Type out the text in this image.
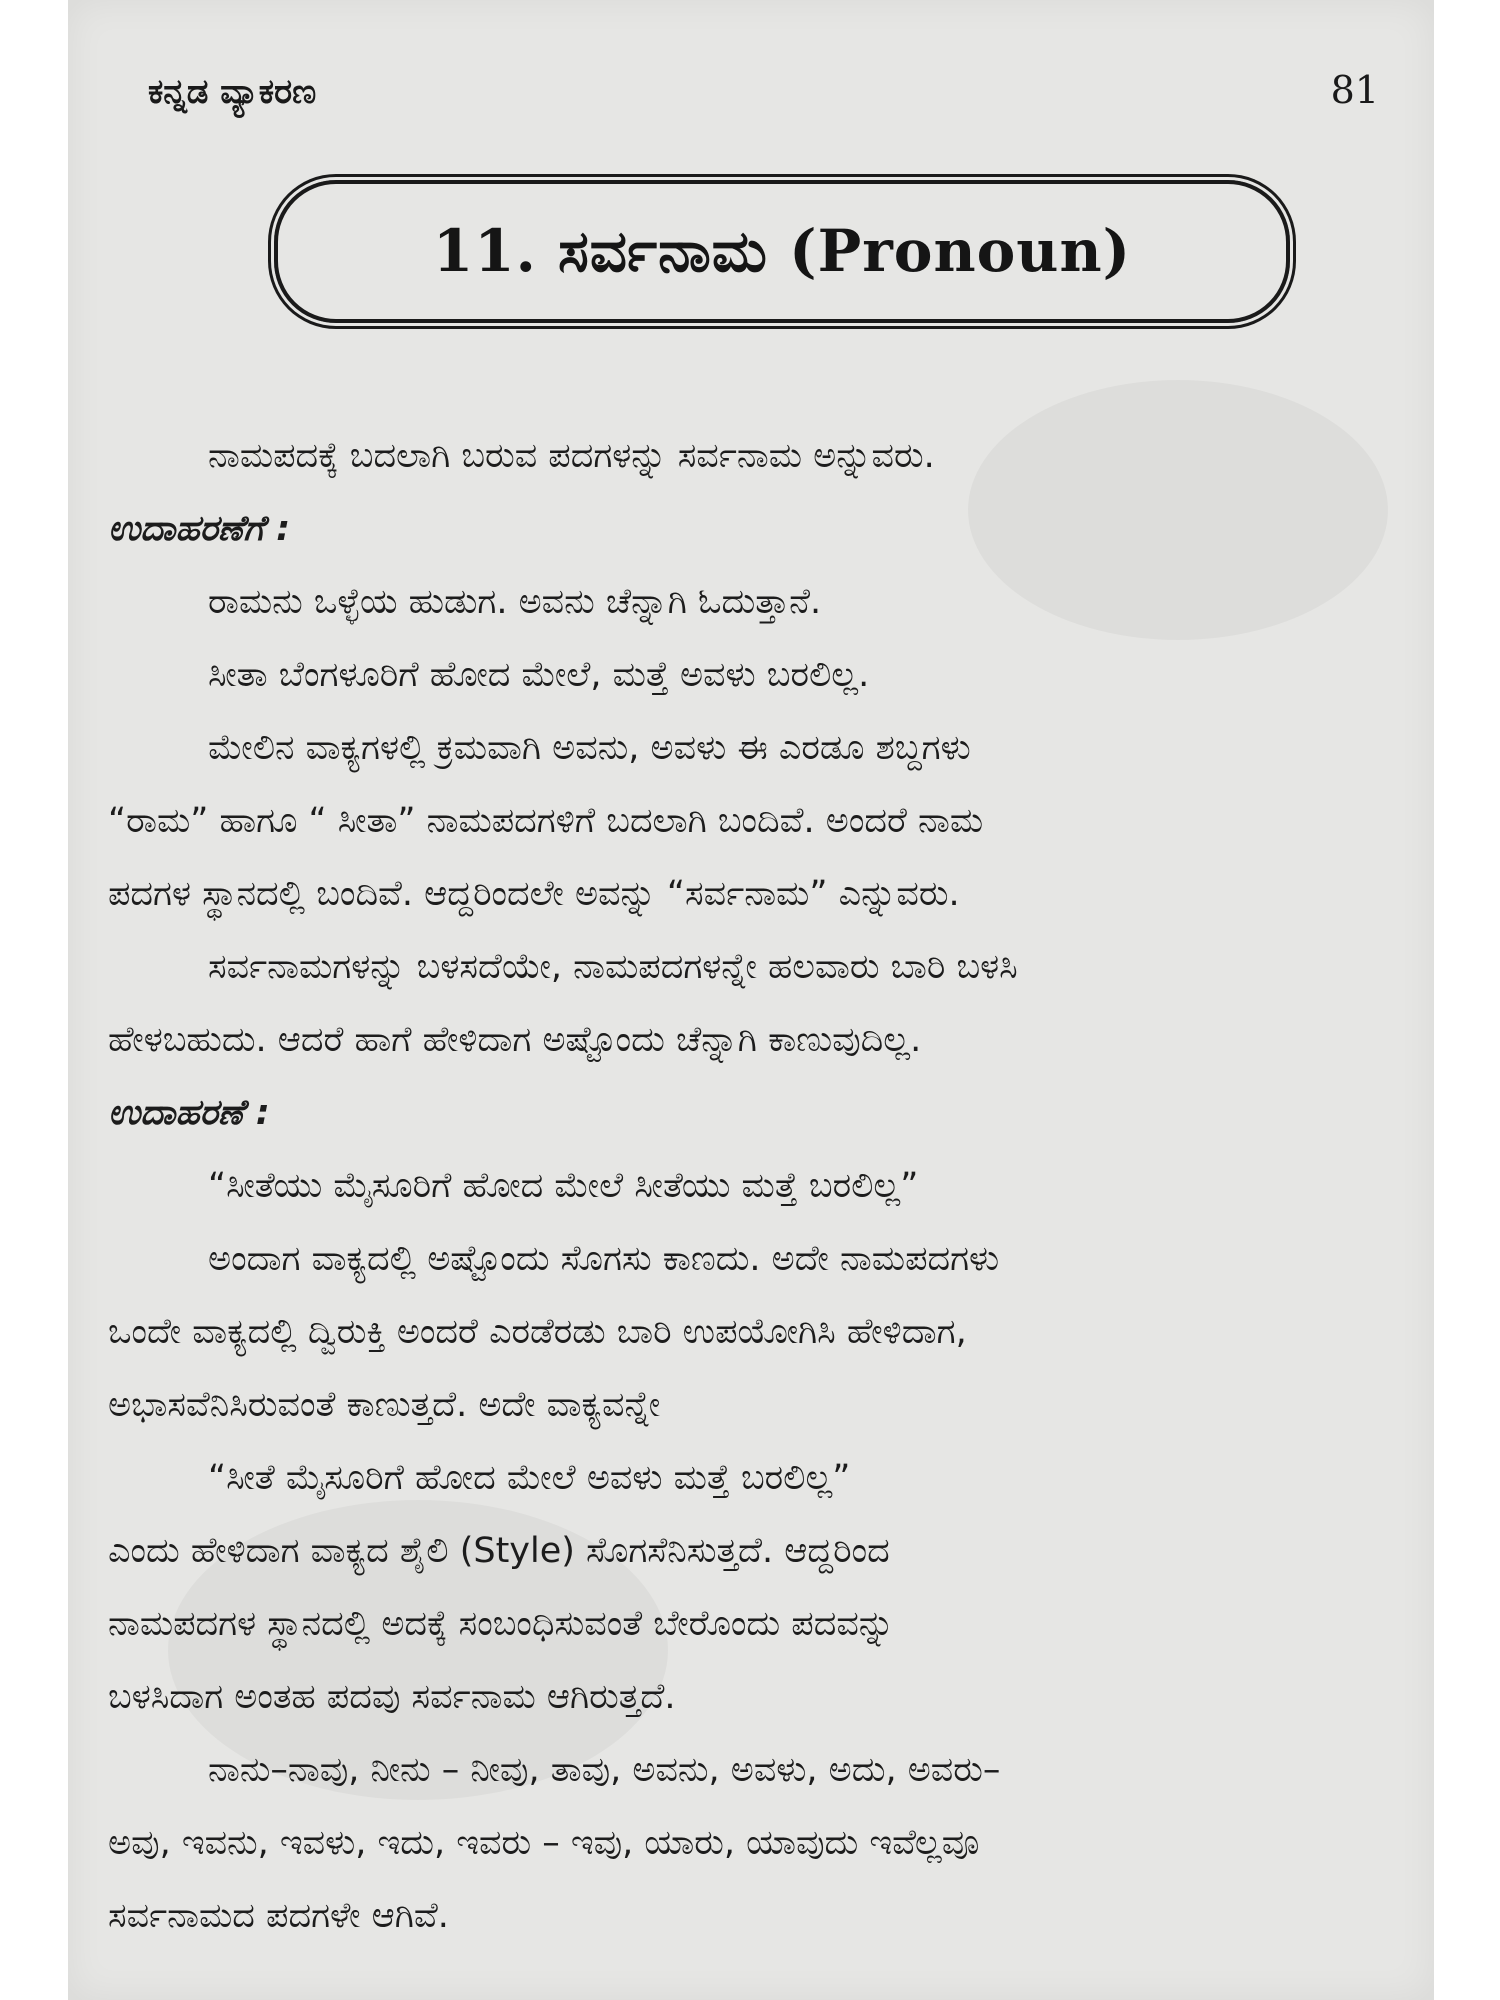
ಕನ್ನಡ ವ್ಯಾಕರಣ	81
11. ಸರ್ವನಾಮ (Pronoun)
ನಾಮಪದಕ್ಕೆ ಬದಲಾಗಿ ಬರುವ ಪದಗಳನ್ನು ಸರ್ವನಾಮ ಅನ್ನುವರು.
ಉದಾಹರಣೆಗೆ :
ರಾಮನು ಒಳ್ಳೆಯ ಹುಡುಗ. ಅವನು ಚೆನ್ನಾಗಿ ಓದುತ್ತಾನೆ.
ಸೀತಾ ಬೆಂಗಳೂರಿಗೆ ಹೋದ ಮೇಲೆ, ಮತ್ತೆ ಅವಳು ಬರಲಿಲ್ಲ.
ಮೇಲಿನ ವಾಕ್ಯಗಳಲ್ಲಿ ಕ್ರಮವಾಗಿ ಅವನು, ಅವಳು ಈ ಎರಡೂ ಶಬ್ದಗಳು
“ರಾಮ” ಹಾಗೂ “ ಸೀತಾ” ನಾಮಪದಗಳಿಗೆ ಬದಲಾಗಿ ಬಂದಿವೆ. ಅಂದರೆ ನಾಮ
ಪದಗಳ ಸ್ಥಾನದಲ್ಲಿ ಬಂದಿವೆ. ಆದ್ದರಿಂದಲೇ ಅವನ್ನು “ಸರ್ವನಾಮ” ಎನ್ನುವರು.
ಸರ್ವನಾಮಗಳನ್ನು ಬಳಸದೆಯೇ, ನಾಮಪದಗಳನ್ನೇ ಹಲವಾರು ಬಾರಿ ಬಳಸಿ
ಹೇಳಬಹುದು. ಆದರೆ ಹಾಗೆ ಹೇಳಿದಾಗ ಅಷ್ಟೊಂದು ಚೆನ್ನಾಗಿ ಕಾಣುವುದಿಲ್ಲ.
ಉದಾಹರಣೆ :
“ಸೀತೆಯು ಮೈಸೂರಿಗೆ ಹೋದ ಮೇಲೆ ಸೀತೆಯು ಮತ್ತೆ ಬರಲಿಲ್ಲ”
ಅಂದಾಗ ವಾಕ್ಯದಲ್ಲಿ ಅಷ್ಟೊಂದು ಸೊಗಸು ಕಾಣದು. ಅದೇ ನಾಮಪದಗಳು
ಒಂದೇ ವಾಕ್ಯದಲ್ಲಿ ದ್ವಿರುಕ್ತಿ ಅಂದರೆ ಎರಡೆರಡು ಬಾರಿ ಉಪಯೋಗಿಸಿ ಹೇಳಿದಾಗ,
ಅಭಾಸವೆನಿಸಿರುವಂತೆ ಕಾಣುತ್ತದೆ. ಅದೇ ವಾಕ್ಯವನ್ನೇ
“ಸೀತೆ ಮೈಸೂರಿಗೆ ಹೋದ ಮೇಲೆ ಅವಳು ಮತ್ತೆ ಬರಲಿಲ್ಲ”
ಎಂದು ಹೇಳಿದಾಗ ವಾಕ್ಯದ ಶೈಲಿ (Style) ಸೊಗಸೆನಿಸುತ್ತದೆ. ಆದ್ದರಿಂದ
ನಾಮಪದಗಳ ಸ್ಥಾನದಲ್ಲಿ ಅದಕ್ಕೆ ಸಂಬಂಧಿಸುವಂತೆ ಬೇರೊಂದು ಪದವನ್ನು
ಬಳಸಿದಾಗ ಅಂತಹ ಪದವು ಸರ್ವನಾಮ ಆಗಿರುತ್ತದೆ.
ನಾನು–ನಾವು, ನೀನು – ನೀವು, ತಾವು, ಅವನು, ಅವಳು, ಅದು, ಅವರು–
ಅವು, ಇವನು, ಇವಳು, ಇದು, ಇವರು – ಇವು, ಯಾರು, ಯಾವುದು ಇವೆಲ್ಲವೂ
ಸರ್ವನಾಮದ ಪದಗಳೇ ಆಗಿವೆ.
